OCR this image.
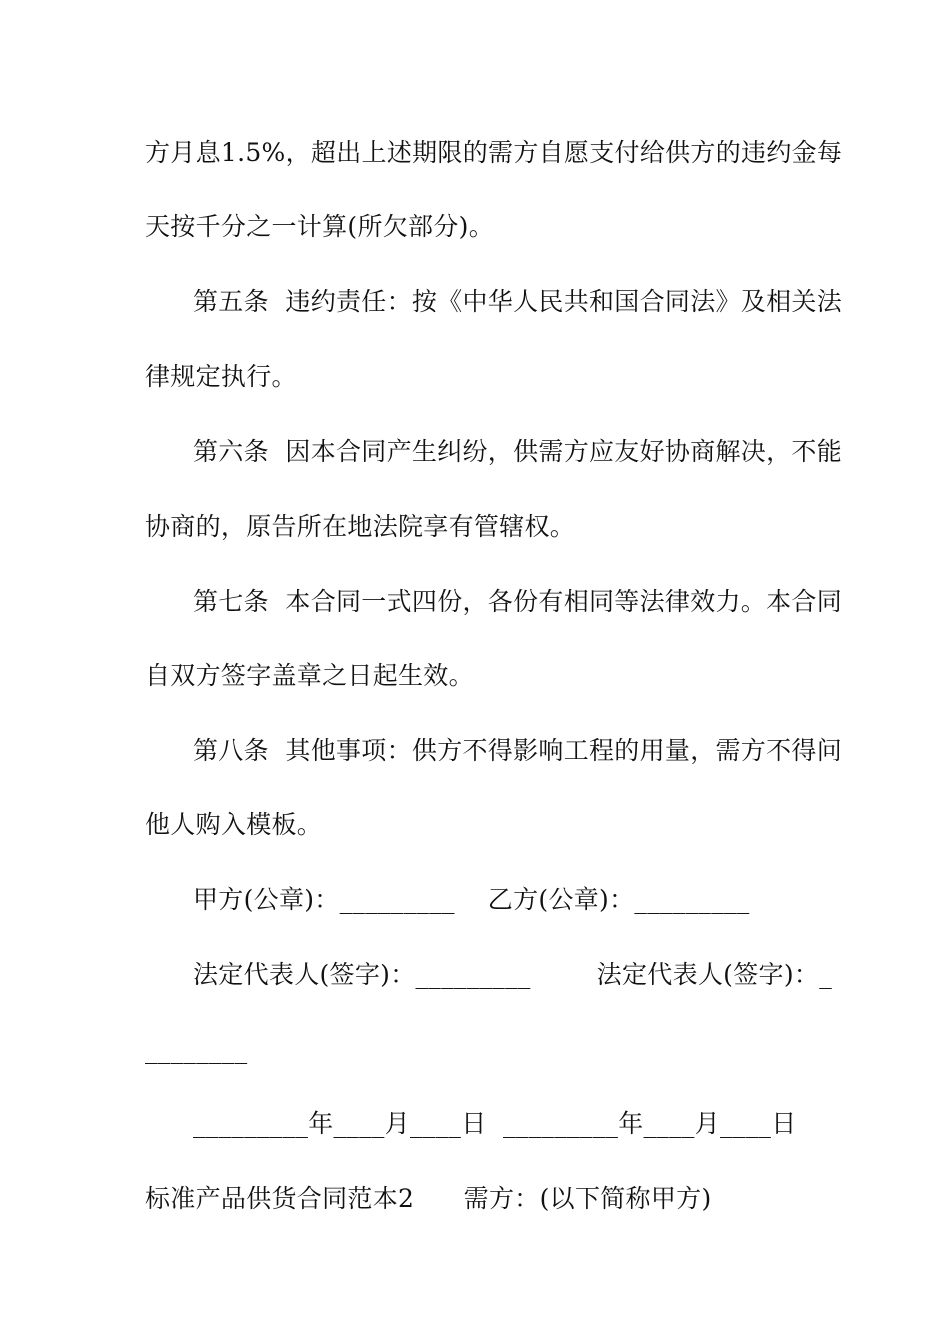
方月息1.5%，超出上述期限的需方自愿支付给供方的违约金每
天按千分之一计算(所欠部分)。
第五条  违约责任：按《中华人民共和国合同法》及相关法
律规定执行。
第六条  因本合同产生纠纷，供需方应友好协商解决，不能
协商的，原告所在地法院享有管辖权。
第七条  本合同一式四份，各份有相同等法律效力。本合同
自双方签字盖章之日起生效。
第八条  其他事项：供方不得影响工程的用量，需方不得问
他人购入模板。
甲方(公章)：_________    乙方(公章)：_________
法定代表人(签字)：_________        法定代表人(签字)：_
________
_________年____月____日  _________年____月____日
标准产品供货合同范本2      需方：(以下简称甲方)
